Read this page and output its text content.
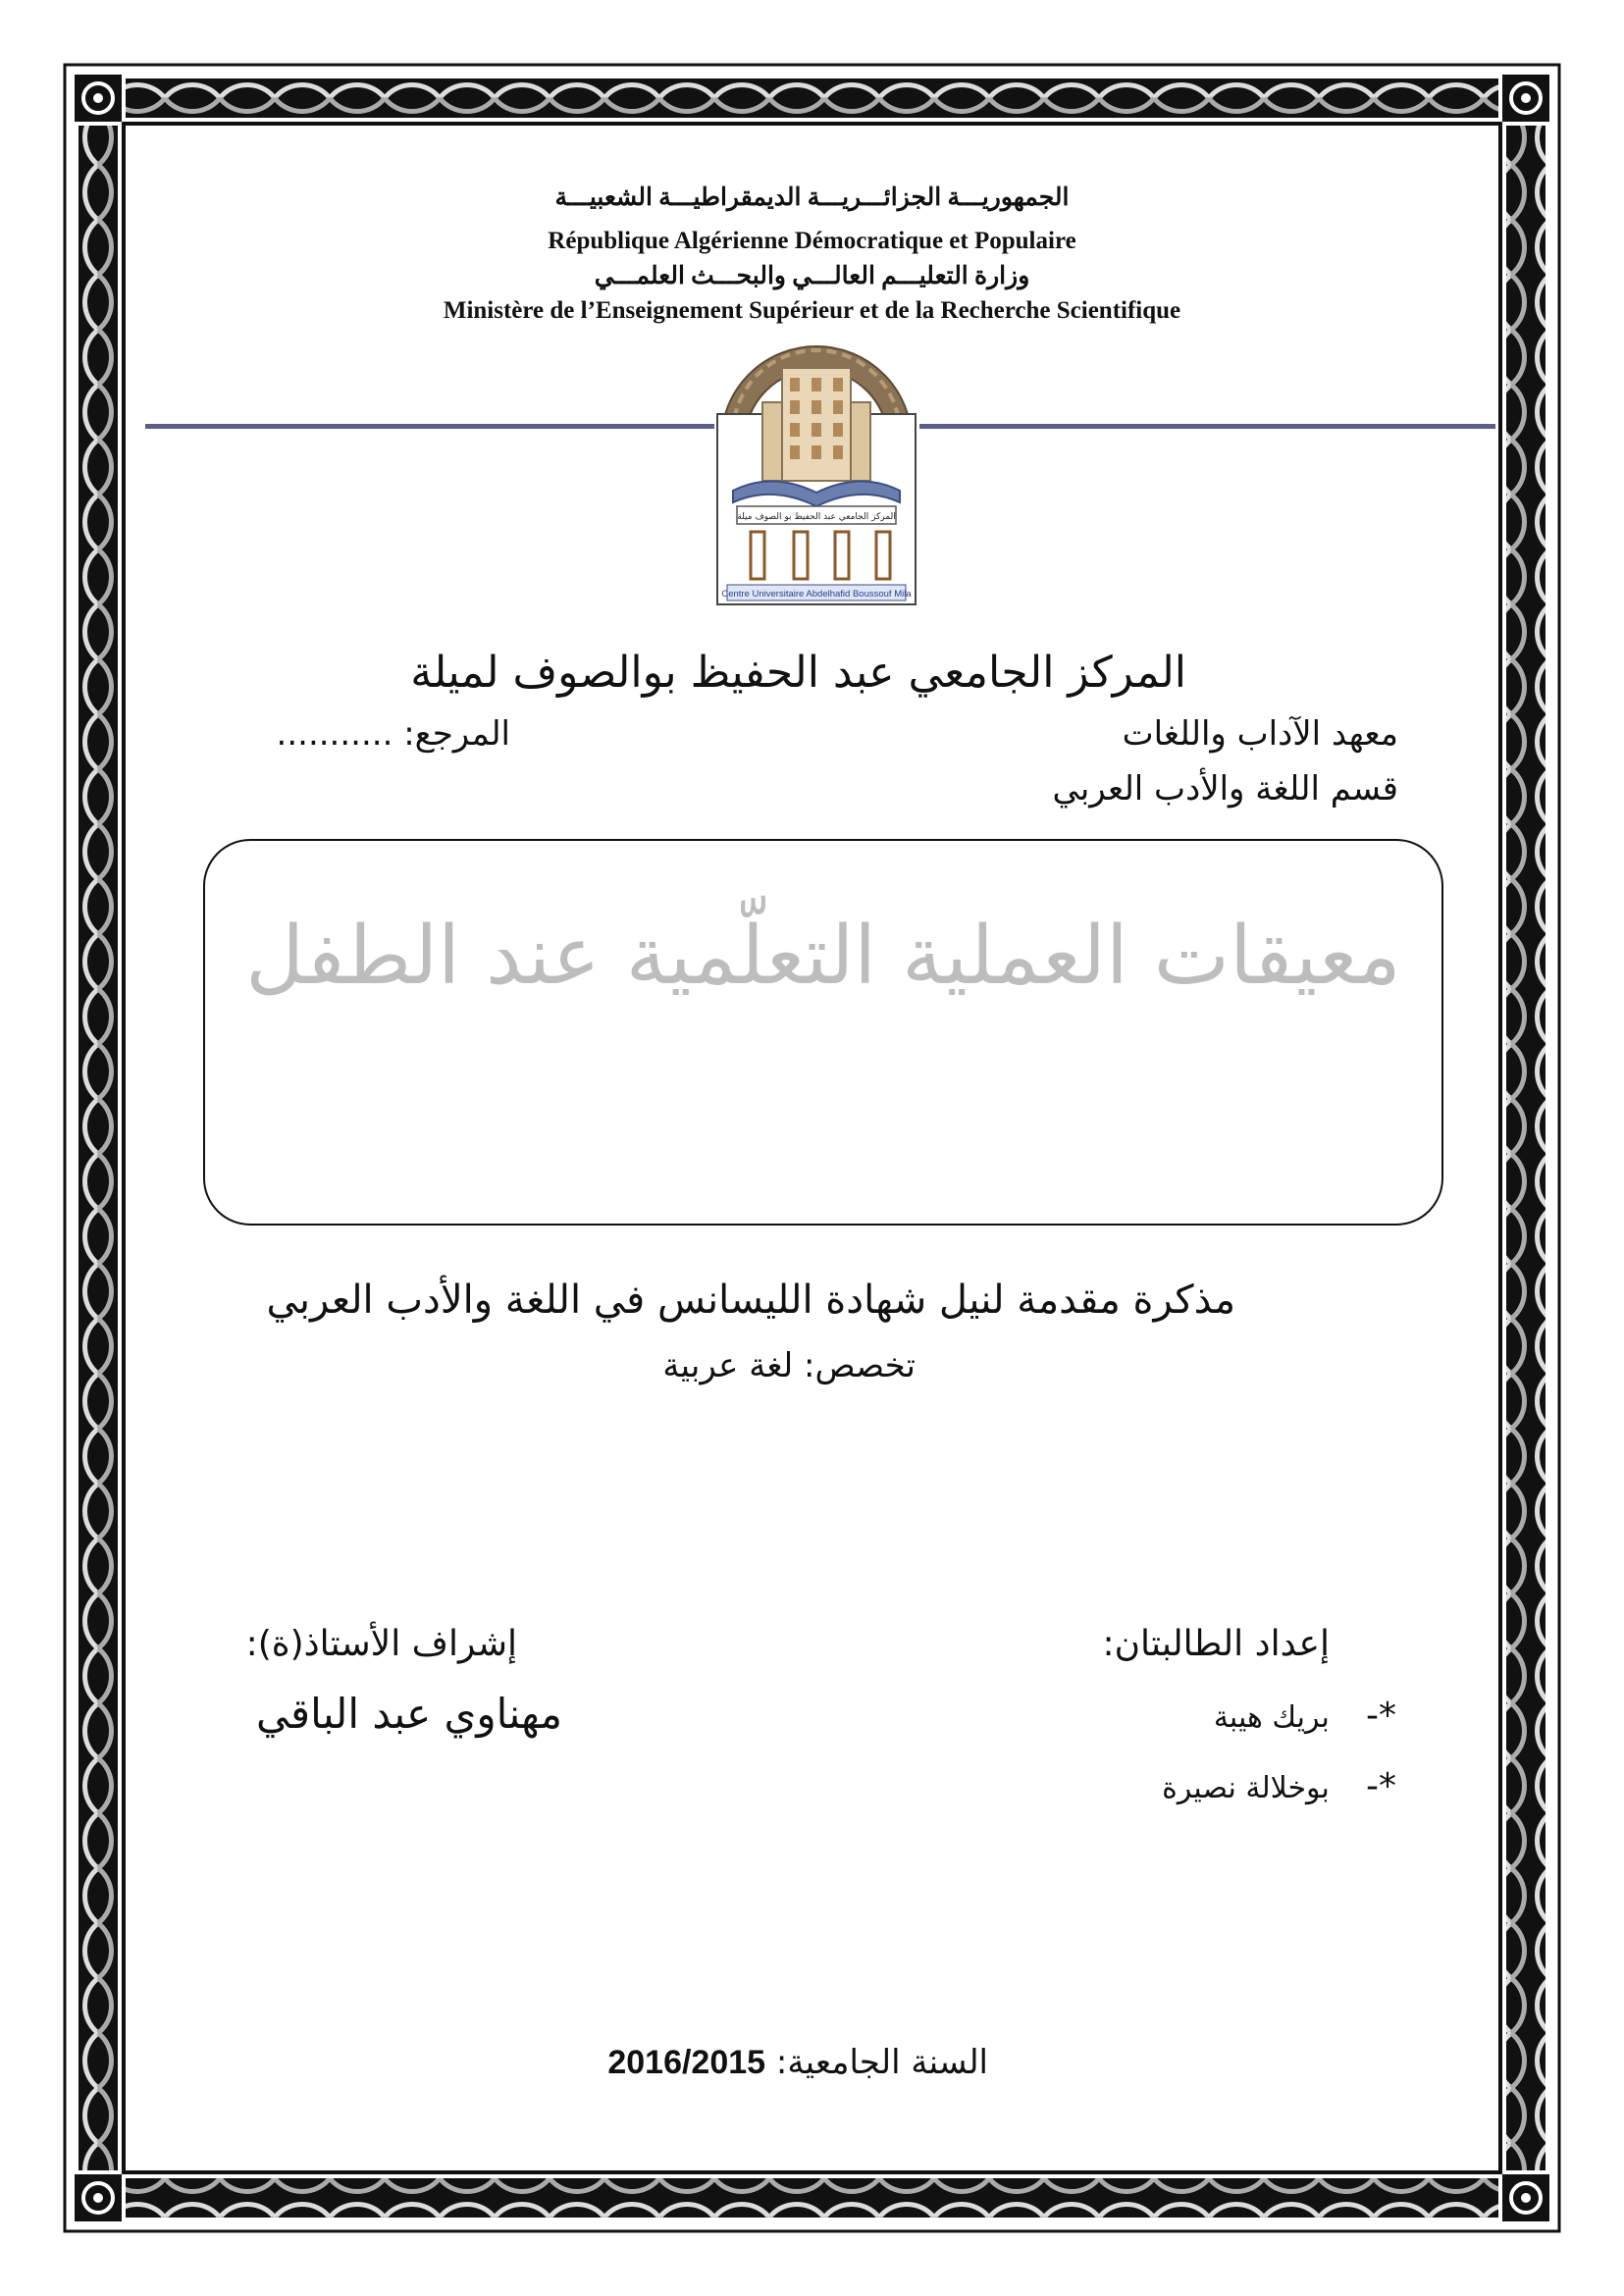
الجمهوريـــة الجزائـــريـــة الديمقراطيـــة الشعبيـــة
République Algérienne Démocratique et Populaire
وزارة التعليـــم العالـــي والبحـــث العلمـــي
Ministère de l’Enseignement Supérieur et de la Recherche Scientifique
المركز الجامعي عبد الحفيظ بو الصوف ميلة
Centre Universitaire Abdelhafid Boussouf Mila
المركز الجامعي عبد الحفيظ بوالصوف لميلة
معهد الآداب واللغات
المرجع: ...........
قسم اللغة والأدب العربي
معيقات العملية التعلّمية عند الطفل
مذكرة مقدمة لنيل شهادة الليسانس في اللغة والأدب العربي
تخصص: لغة عربية
إعداد الطالبتان:
*-  بريك هيبة
*-  بوخلالة نصيرة
إشراف الأستاذ(ة):
مهناوي عبد الباقي
السنة الجامعية: 2016/2015
